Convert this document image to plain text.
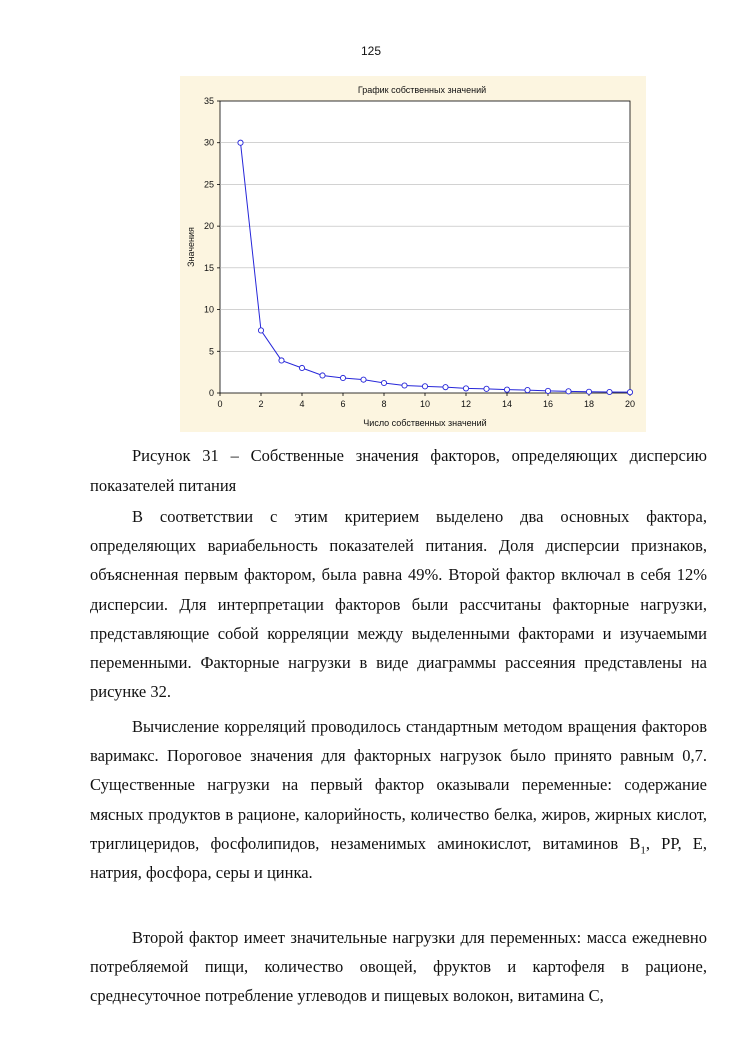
125
График собственных значений
0
5
10
15
20
25
30
35
0	2	4	6	8	10	12	14	16	18	20
Число собственных значений
Значения

Рисунок 31 – Собственные значения факторов, определяющих дисперсию показателей питания

В соответствии с этим критерием выделено два основных фактора, определяющих вариабельность показателей питания. Доля дисперсии признаков, объясненная первым фактором, была равна 49%. Второй фактор включал в себя 12% дисперсии. Для интерпретации факторов были рассчитаны факторные нагрузки, представляющие собой корреляции между выделенными факторами и изучаемыми переменными. Факторные нагрузки в виде диаграммы рассеяния представлены на рисунке 32.

Вычисление корреляций проводилось стандартным методом вращения факторов варимакс. Пороговое значения для факторных нагрузок было принято равным 0,7. Существенные нагрузки на первый фактор оказывали переменные: содержание мясных продуктов в рационе, калорийность, количество белка, жиров, жирных кислот, триглицеридов, фосфолипидов, незаменимых аминокислот, витаминов $В_1$, РР, Е, натрия, фосфора, серы и цинка.

Второй фактор имеет значительные нагрузки для переменных: масса ежедневно потребляемой пищи, количество овощей, фруктов и картофеля в рационе, среднесуточное потребление углеводов и пищевых волокон, витамина С,
